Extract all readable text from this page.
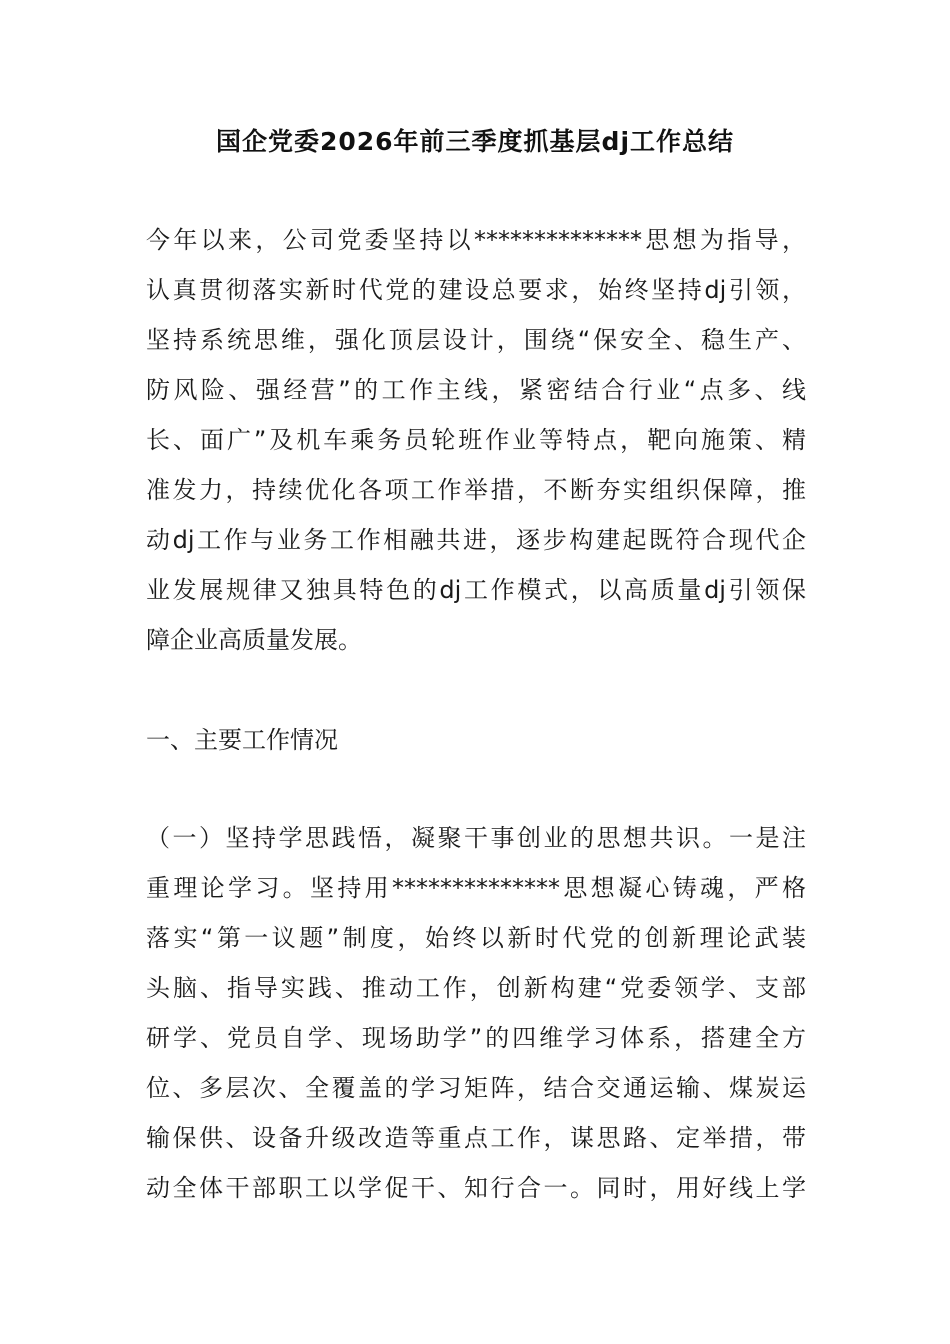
国企党委2026年前三季度抓基层dj工作总结
今年以来，公司党委坚持以**************思想为指导，
认真贯彻落实新时代党的建设总要求，始终坚持dj引领，
坚持系统思维，强化顶层设计，围绕“保安全、稳生产、
防风险、强经营”的工作主线，紧密结合行业“点多、线
长、面广”及机车乘务员轮班作业等特点，靶向施策、精
准发力，持续优化各项工作举措，不断夯实组织保障，推
动dj工作与业务工作相融共进，逐步构建起既符合现代企
业发展规律又独具特色的dj工作模式，以高质量dj引领保
障企业高质量发展。
一、主要工作情况
（一）坚持学思践悟，凝聚干事创业的思想共识。一是注
重理论学习。坚持用**************思想凝心铸魂，严格
落实“第一议题”制度，始终以新时代党的创新理论武装
头脑、指导实践、推动工作，创新构建“党委领学、支部
研学、党员自学、现场助学”的四维学习体系，搭建全方
位、多层次、全覆盖的学习矩阵，结合交通运输、煤炭运
输保供、设备升级改造等重点工作，谋思路、定举措，带
动全体干部职工以学促干、知行合一。同时，用好线上学
